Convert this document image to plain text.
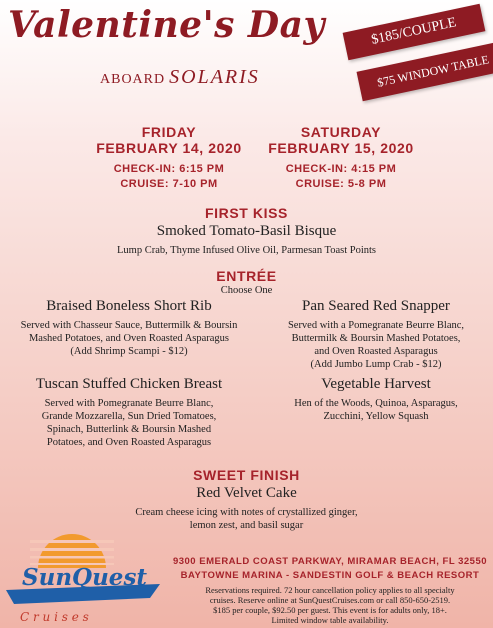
Valentine's Day
ABOARD SOLARIS
$185/COUPLE
$75 WINDOW TABLE
FRIDAY
FEBRUARY 14, 2020
CHECK-IN: 6:15 PM
CRUISE: 7-10 PM
SATURDAY
FEBRUARY 15, 2020
CHECK-IN: 4:15 PM
CRUISE: 5-8 PM
FIRST KISS
Smoked Tomato-Basil Bisque
Lump Crab, Thyme Infused Olive Oil, Parmesan Toast Points
ENTRÉE
Choose One
Braised Boneless Short Rib
Served with Chasseur Sauce, Buttermilk & Boursin
Mashed Potatoes, and Oven Roasted Asparagus
(Add Shrimp Scampi - $12)
Pan Seared Red Snapper
Served with a Pomegranate Beurre Blanc,
Buttermilk & Boursin Mashed Potatoes,
and Oven Roasted Asparagus
(Add Jumbo Lump Crab - $12)
Tuscan Stuffed Chicken Breast
Served with Pomegranate Beurre Blanc,
Grande Mozzarella, Sun Dried Tomatoes,
Spinach, Butterlink & Boursin Mashed
Potatoes, and Oven Roasted Asparagus
Vegetable Harvest
Hen of the Woods, Quinoa, Asparagus,
Zucchini, Yellow Squash
SWEET FINISH
Red Velvet Cake
Cream cheese icing with notes of crystallized ginger,
lemon zest, and basil sugar
SunQuest
C r u i s e s
9300 EMERALD COAST PARKWAY, MIRAMAR BEACH, FL 32550
BAYTOWNE MARINA - SANDESTIN GOLF & BEACH RESORT
Reservations required. 72 hour cancellation policy applies to all specialty
cruises. Reserve online at SunQuestCruises.com or call 850-650-2519.
$185 per couple, $92.50 per guest. This event is for adults only, 18+.
Limited window table availability.
